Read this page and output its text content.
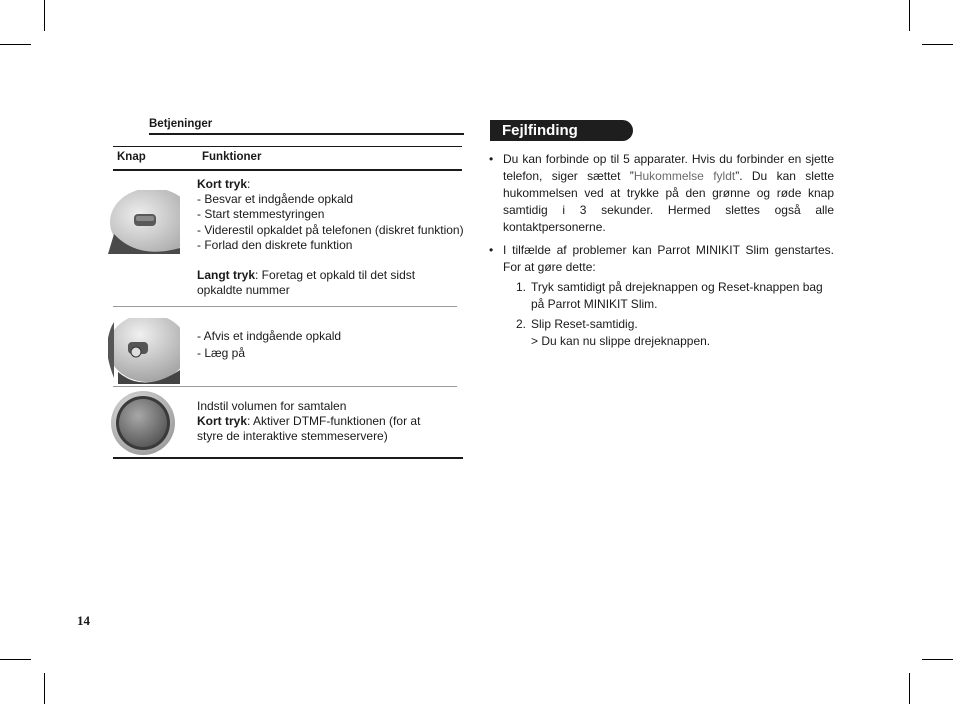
Betjeninger
Knap	Funktioner
Kort tryk:
- Besvar et indgående opkald
- Start stemmestyringen
- Viderestil opkaldet på telefonen (diskret funktion)
- Forlad den diskrete funktion
Langt tryk: Foretag et opkald til det sidst
opkaldte nummer
- Afvis et indgående opkald
- Læg på
Indstil volumen for samtalen
Kort tryk: Aktiver DTMF-funktionen (for at
styre de interaktive stemmeservere)
Fejlfinding
• Du kan forbinde op til 5 apparater. Hvis du forbinder en sjette telefon, siger sættet ”Hukommelse fyldt”. Du kan slette hukommelsen ved at trykke på den grønne og røde knap samtidig i 3 sekunder. Hermed slettes også alle kontaktpersonerne.
• I tilfælde af problemer kan Parrot MINIKIT Slim genstartes. For at gøre dette:
1. Tryk samtidigt på drejeknappen og Reset-knappen bag på Parrot MINIKIT Slim.
2. Slip Reset-samtidig.
> Du kan nu slippe drejeknappen.
14
